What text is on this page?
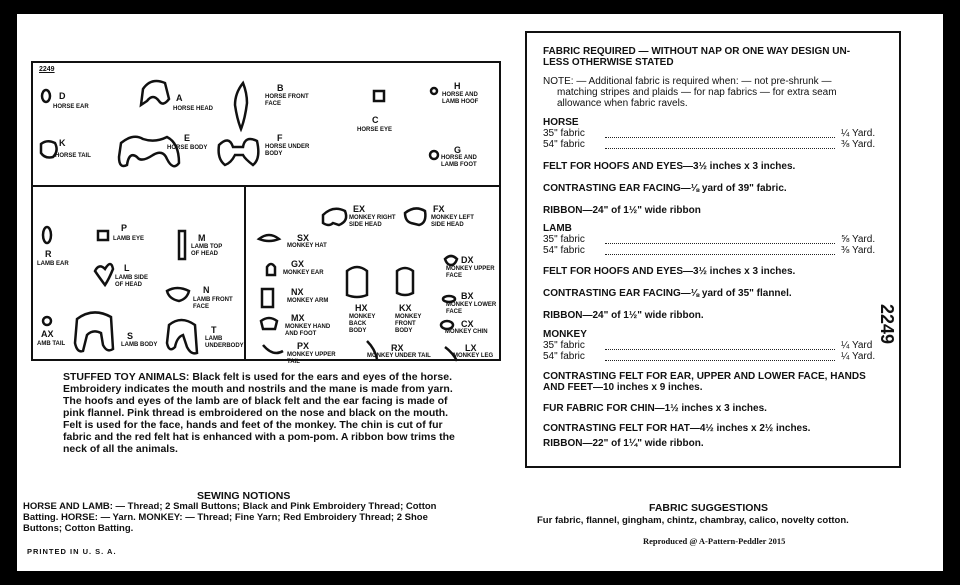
2249
D
HORSE EAR
A
HORSE HEAD
B
HORSE FRONT
FACE
C
HORSE EYE
H
HORSE AND
LAMB HOOF
K
HORSE TAIL
E
HORSE BODY
F
HORSE UNDER
BODY	G
HORSE AND
LAMB FOOT
R
LAMB EAR
P
LAMB EYE	M
LAMB TOP
OF HEAD
L
LAMB SIDE
OF HEAD	N
LAMB FRONT
FACE
AX
AMB TAIL
S
LAMB BODY
T
LAMB
UNDERBODY
SX
MONKEY HAT
EX
MONKEY RIGHT
SIDE HEAD
FX
MONKEY LEFT
SIDE HEAD
GX
MONKEY EAR
DX
MONKEY UPPER
FACE
NX
MONKEY ARM	BX
MONKEY LOWER
FACE
MX
MONKEY HAND
AND FOOT
HX
MONKEY
BACK
BODY
KX
MONKEY
FRONT
BODY
CX
MONKEY CHIN
PX
MONKEY UPPER
TAIL
RX
MONKEY UNDER TAIL
LX
MONKEY LEG
STUFFED TOY ANIMALS: Black felt is used for the ears and eyes of the horse. Embroidery indicates the mouth and nostrils and the mane is made from yarn. The hoofs and eyes of the lamb are of black felt and the ear facing is made of pink flannel. Pink thread is embroidered on the nose and black on the mouth. Felt is used for the face, hands and feet of the monkey. The chin is cut of fur fabric and the red felt hat is enhanced with a pom-pom. A ribbon bow trims the neck of all the animals.
SEWING NOTIONS
HORSE AND LAMB: — Thread; 2 Small Buttons; Black and Pink Embroidery Thread; Cotton
Batting. HORSE: — Yarn. MONKEY: — Thread; Fine Yarn; Red Embroidery Thread; 2 Shoe
Buttons; Cotton Batting.
PRINTED IN U. S. A.
FABRIC REQUIRED — WITHOUT NAP OR ONE WAY DESIGN UN-
LESS OTHERWISE STATED
NOTE: — Additional fabric is required when: — not pre-shrunk —
matching stripes and plaids — for nap fabrics — for extra seam
allowance when fabric ravels.
HORSE
35" fabric	¼ Yard.
54" fabric	⅜ Yard.
FELT FOR HOOFS AND EYES—3½ inches x 3 inches.
CONTRASTING EAR FACING—⅛ yard of 39" fabric.
RIBBON—24" of 1½" wide ribbon
LAMB
35" fabric	⅝ Yard.
54" fabric	⅜ Yard.
FELT FOR HOOFS AND EYES—3½ inches x 3 inches.
CONTRASTING EAR FACING—⅛ yard of 35" flannel.
RIBBON—24" of 1½" wide ribbon.
MONKEY
35" fabric	¼ Yard
54" fabric	¼ Yard.
CONTRASTING FELT FOR EAR, UPPER AND LOWER FACE, HANDS
AND FEET—10 inches x 9 inches.
FUR FABRIC FOR CHIN—1½ inches x 3 inches.
CONTRASTING FELT FOR HAT—4½ inches x 2½ inches.
RIBBON—22" of 1¼" wide ribbon.
2249
FABRIC SUGGESTIONS
Fur fabric, flannel, gingham, chintz, chambray, calico, novelty cotton.
Reproduced @ A-Pattern-Peddler 2015
